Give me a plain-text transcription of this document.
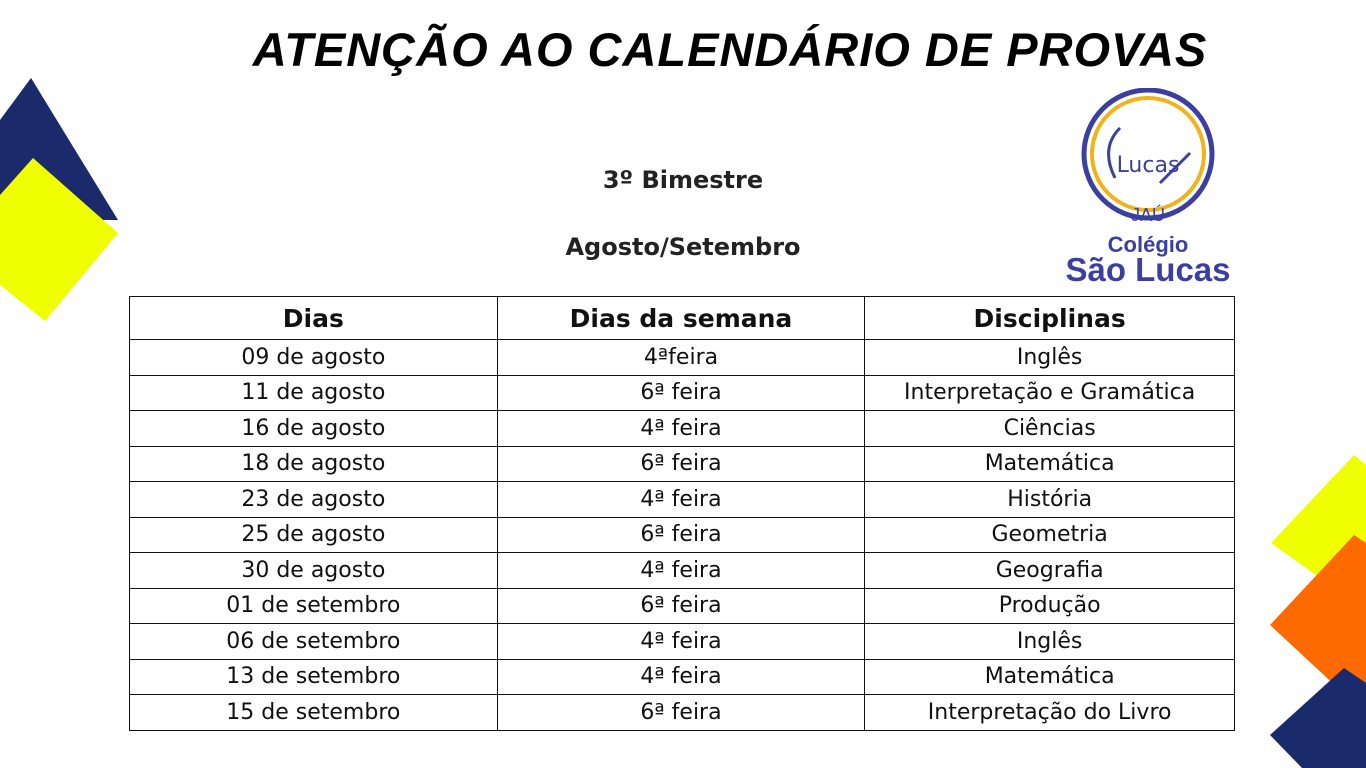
ATENÇÃO AO CALENDÁRIO DE PROVAS
3º Bimestre
Agosto/Setembro
Lucas
JAÚ
Colégio
São Lucas
Dias	Dias da semana	Disciplinas
09 de agosto	4ªfeira	Inglês
11 de agosto	6ª feira	Interpretação e Gramática
16 de agosto	4ª feira	Ciências
18 de agosto	6ª feira	Matemática
23 de agosto	4ª feira	História
25 de agosto	6ª feira	Geometria
30 de agosto	4ª feira	Geografia
01 de setembro	6ª feira	Produção
06 de setembro	4ª feira	Inglês
13 de setembro	4ª feira	Matemática
15 de setembro	6ª feira	Interpretação do Livro
